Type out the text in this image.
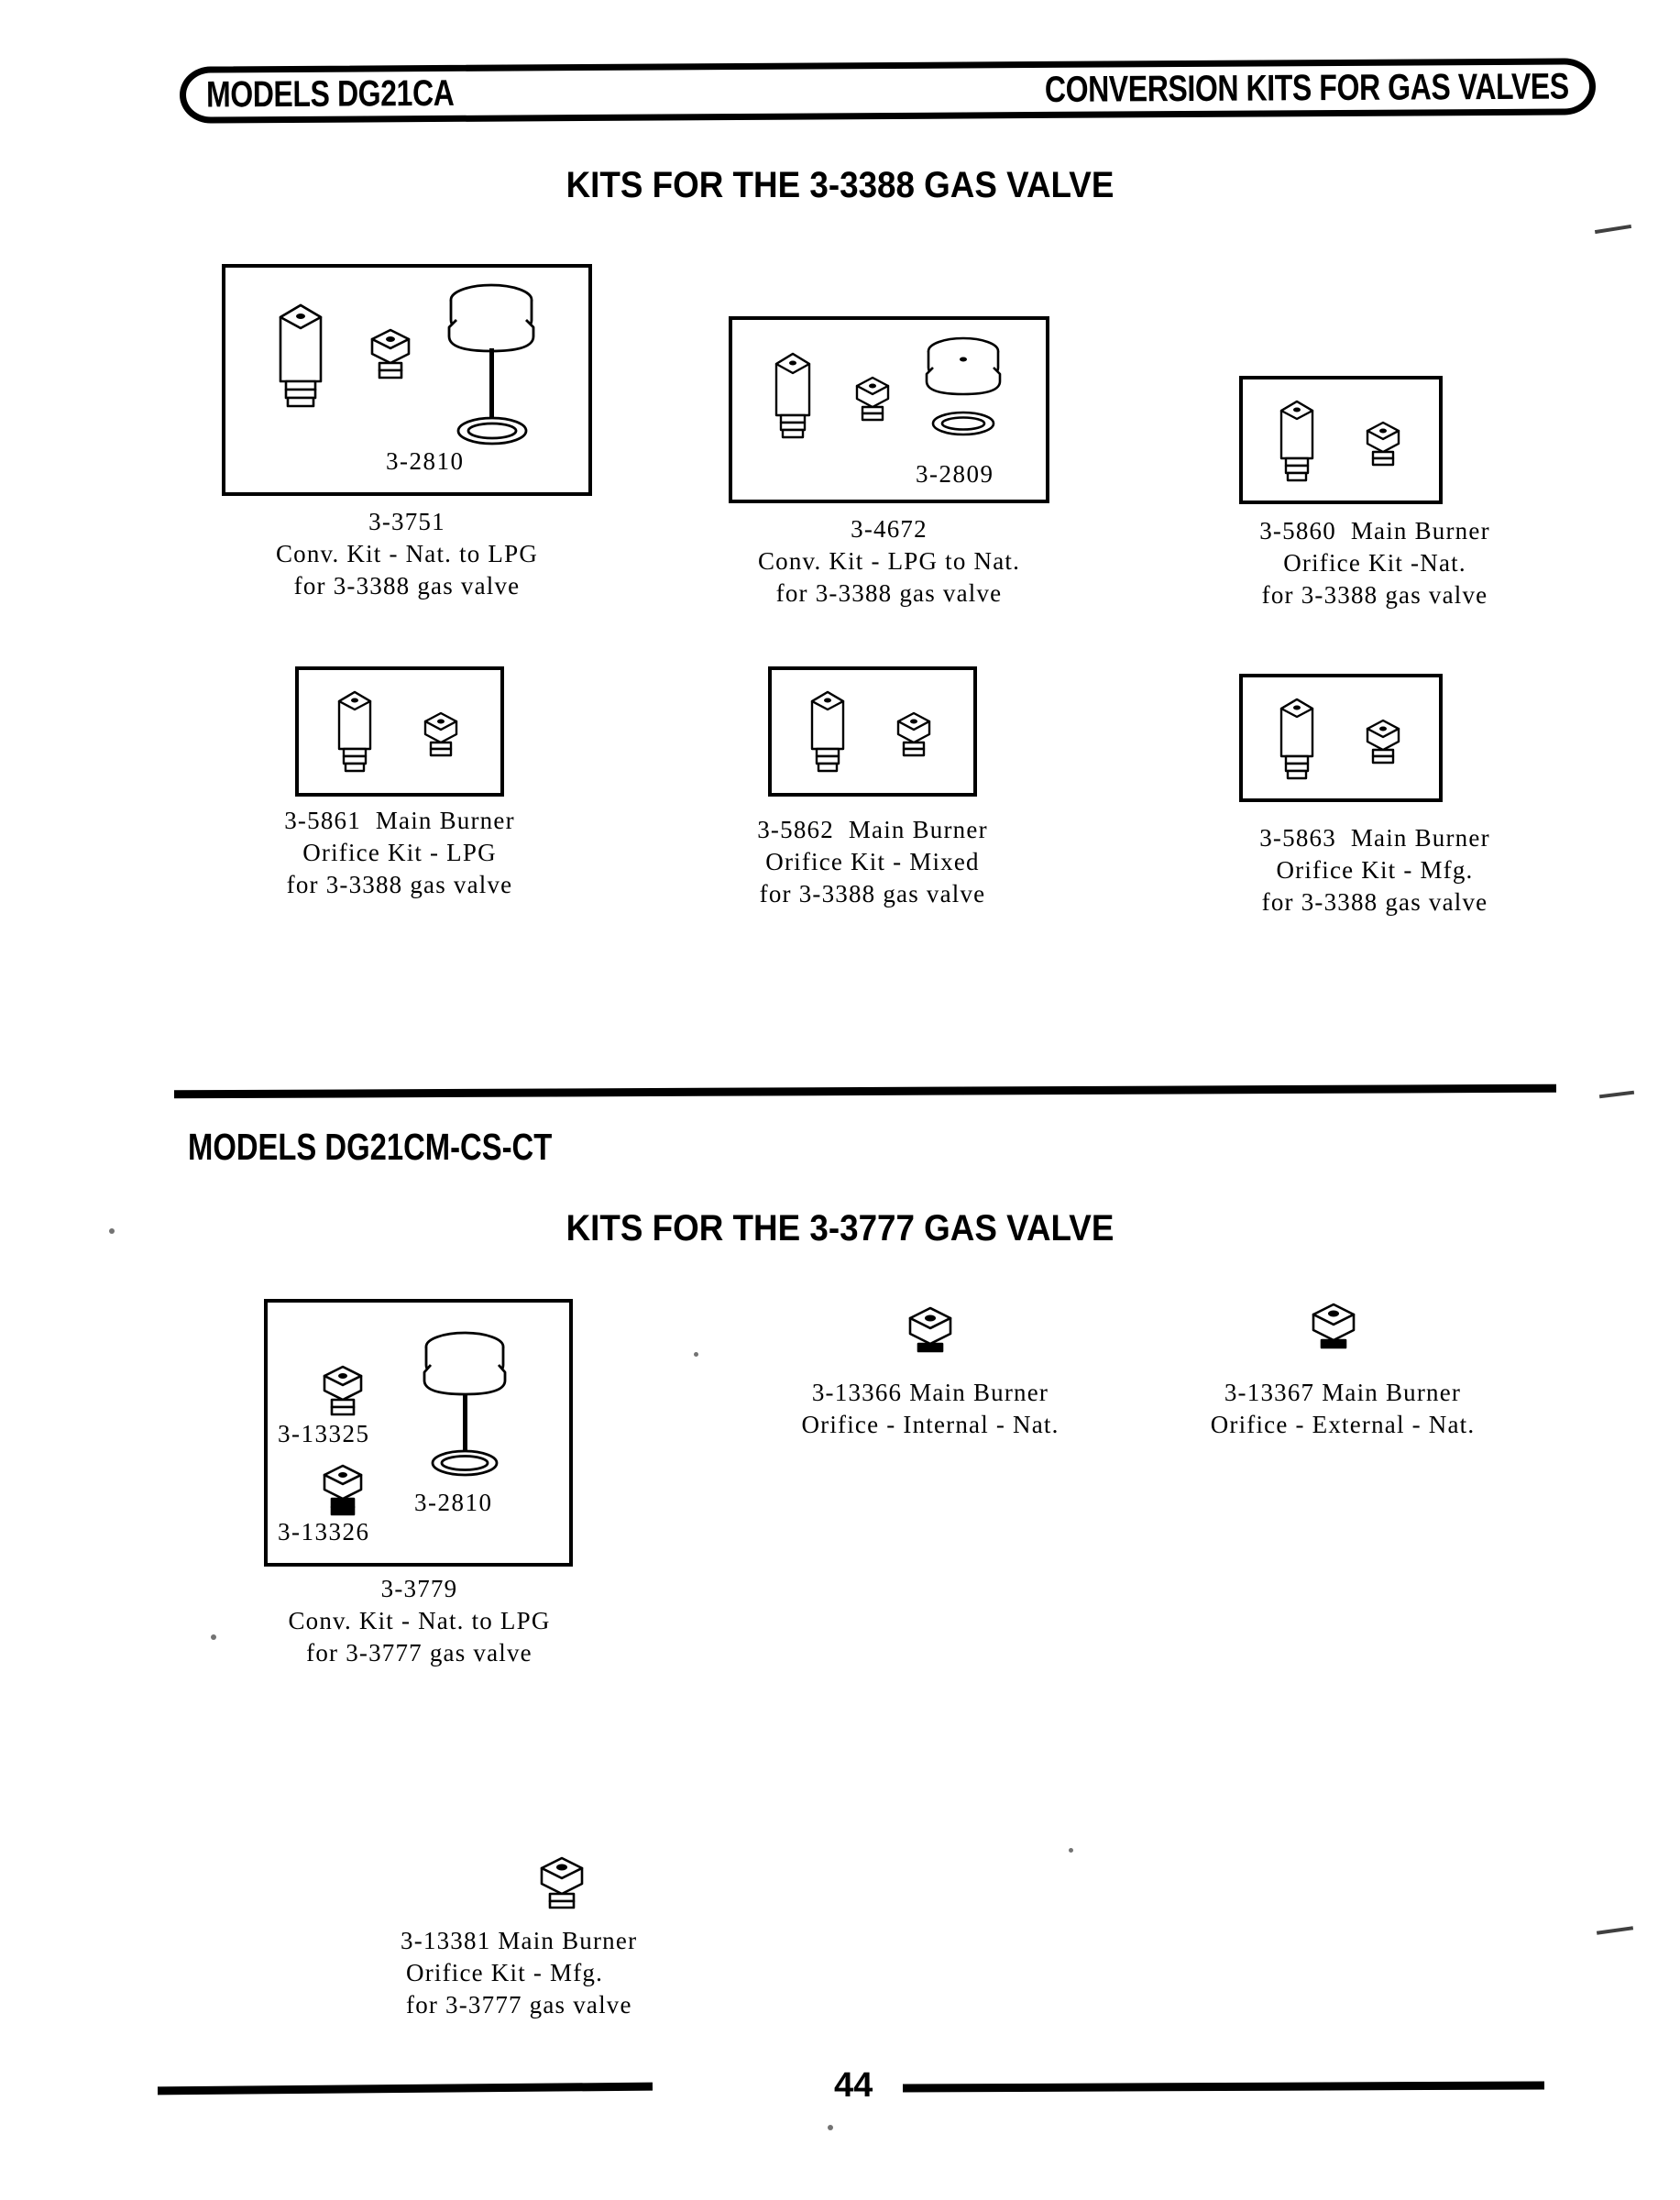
MODELS DG21CA	CONVERSION KITS FOR GAS VALVES
KITS FOR THE 3-3388 GAS VALVE
3-2810
3-3751
Conv. Kit - Nat. to LPG
for 3-3388 gas valve
3-2809
3-4672
Conv. Kit - LPG to Nat.
for 3-3388 gas valve
3-5860 Main Burner
Orifice Kit -Nat.
for 3-3388 gas valve
3-5861 Main Burner
Orifice Kit - LPG
for 3-3388 gas valve
3-5862 Main Burner
Orifice Kit - Mixed
for 3-3388 gas valve
3-5863 Main Burner
Orifice Kit - Mfg.
for 3-3388 gas valve
MODELS DG21CM-CS-CT
KITS FOR THE 3-3777 GAS VALVE
3-13325
3-13326
3-2810
3-3779
Conv. Kit - Nat. to LPG
for 3-3777 gas valve
3-13366 Main Burner
Orifice - Internal - Nat.
3-13367 Main Burner
Orifice - External - Nat.
3-13381 Main Burner
Orifice Kit - Mfg.
for 3-3777 gas valve
44
